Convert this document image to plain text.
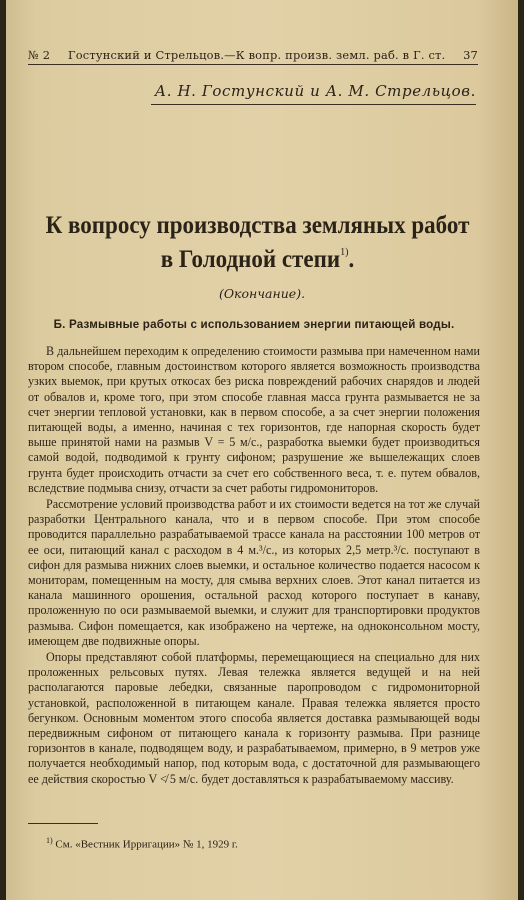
№ 2 Гостунский и Стрельцов.—К вопр. произв. земл. раб. в Г. ст. 37
А. Н. Гостунский и А. М. Стрельцов.
К вопросу производства земляных работ
в Голодной степи$^{1)}$.
(Окончание).
Б. Размывные работы с использованием энергии питающей воды.

В дальнейшем переходим к определению стоимости размыва при намеченном нами втором способе, главным достоинством которого является возможность производства узких выемок, при крутых откосах без риска повреждений рабочих снарядов и людей от обвалов и, кроме того, при этом способе главная масса грунта размывается не за счет энергии тепловой установки, как в первом способе, а за счет энергии положения питающей воды, а именно, начиная с тех горизонтов, где напорная скорость будет выше принятой нами на размыв V = 5 м/с., разработка выемки будет производиться самой водой, подводимой к грунту сифоном; разрушение же вышележащих слоев грунта будет происходить отчасти за счет его собственного веса, т. е. путем обвалов, вследствие подмыва снизу, отчасти за счет работы гидромониторов.

Рассмотрение условий производства работ и их стоимости ведется на тот же случай разработки Центрального канала, что и в первом способе. При этом способе проводится параллельно разрабатываемой трассе канала на расстоянии 100 метров от ее оси, питающий канал с расходом в 4 м.³/с., из которых 2,5 метр.³/с. поступают в сифон для размыва нижних слоев выемки, и остальное количество подается насосом к мониторам, помещенным на мосту, для смыва верхних слоев. Этот канал питается из канала машинного орошения, остальной расход которого поступает в канаву, проложенную по оси размываемой выемки, и служит для транспортировки продуктов размыва. Сифон помещается, как изображено на чертеже, на одноконсольном мосту, имеющем две подвижные опоры.

Опоры представляют собой платформы, перемещающиеся на специально для них проложенных рельсовых путях. Левая тележка является ведущей и на ней располагаются паровые лебедки, связанные паропроводом с гидромониторной установкой, расположенной в питающем канале. Правая тележка является просто бегунком. Основным моментом этого способа является доставка размывающей воды передвижным сифоном от питающего канала к горизонту размыва. При разнице горизонтов в канале, подводящем воду, и разрабатываемом, примерно, в 9 метров уже получается необходимый напор, под которым вода, с достаточной для размывающего ее действия скоростью V ≮ 5 м/с. будет доставляться к разрабатываемому массиву.

$^{1)}$ См. «Вестник Ирригации» № 1, 1929 г.
